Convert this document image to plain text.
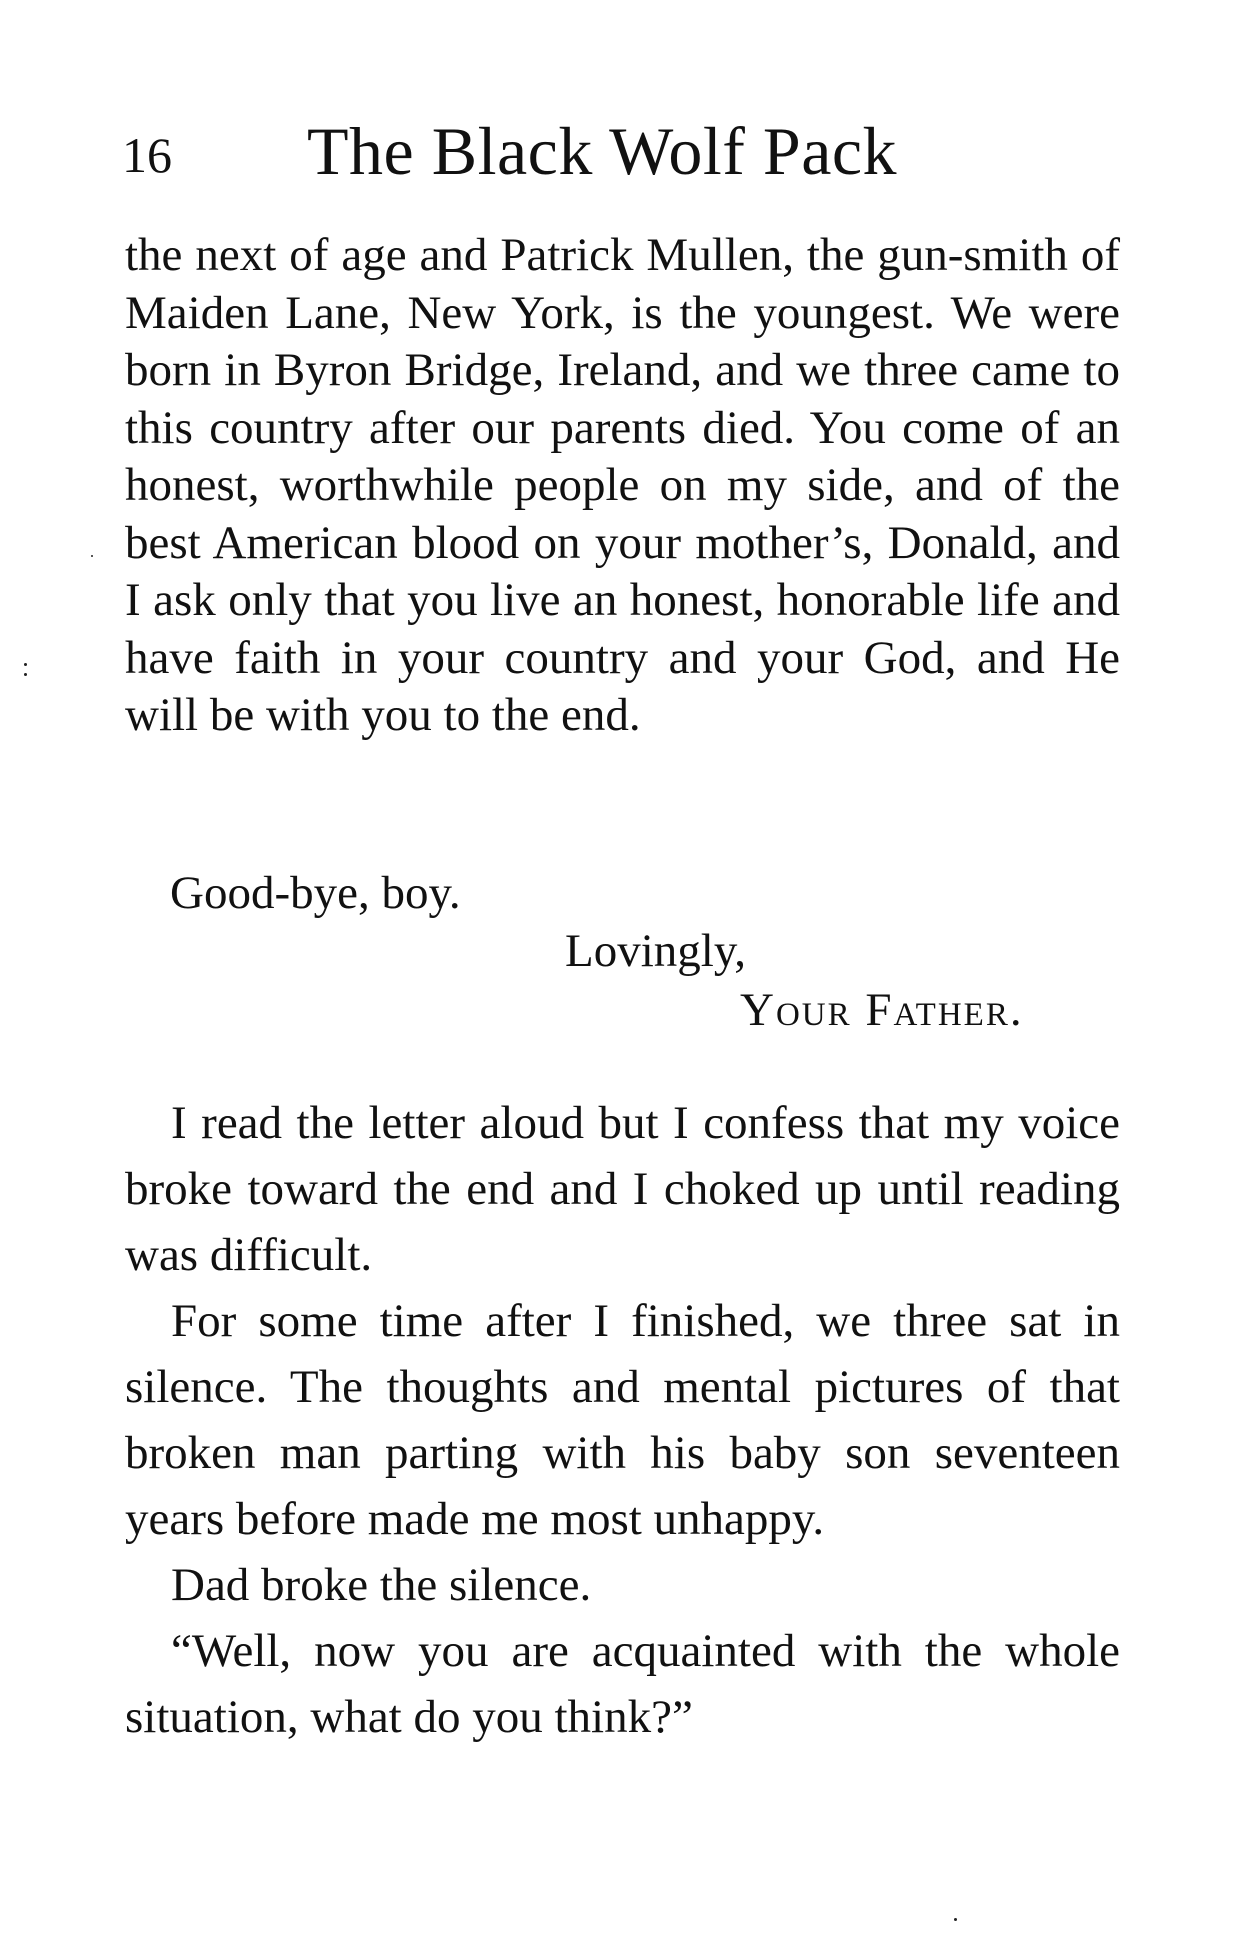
16 The Black Wolf Pack

the next of age and Patrick Mullen, the gun-smith of Maiden Lane, New York, is the youngest. We were born in Byron Bridge, Ireland, and we three came to this country after our parents died. You come of an honest, worthwhile people on my side, and of the best American blood on your mother’s, Donald, and I ask only that you live an honest, honorable life and have faith in your country and your God, and He will be with you to the end.

Good-bye, boy.
Lovingly,
Your Father.

I read the letter aloud but I confess that my voice broke toward the end and I choked up until reading was difficult.

For some time after I finished, we three sat in silence. The thoughts and mental pictures of that broken man parting with his baby son seventeen years before made me most unhappy.

Dad broke the silence.

“Well, now you are acquainted with the whole situation, what do you think?”
